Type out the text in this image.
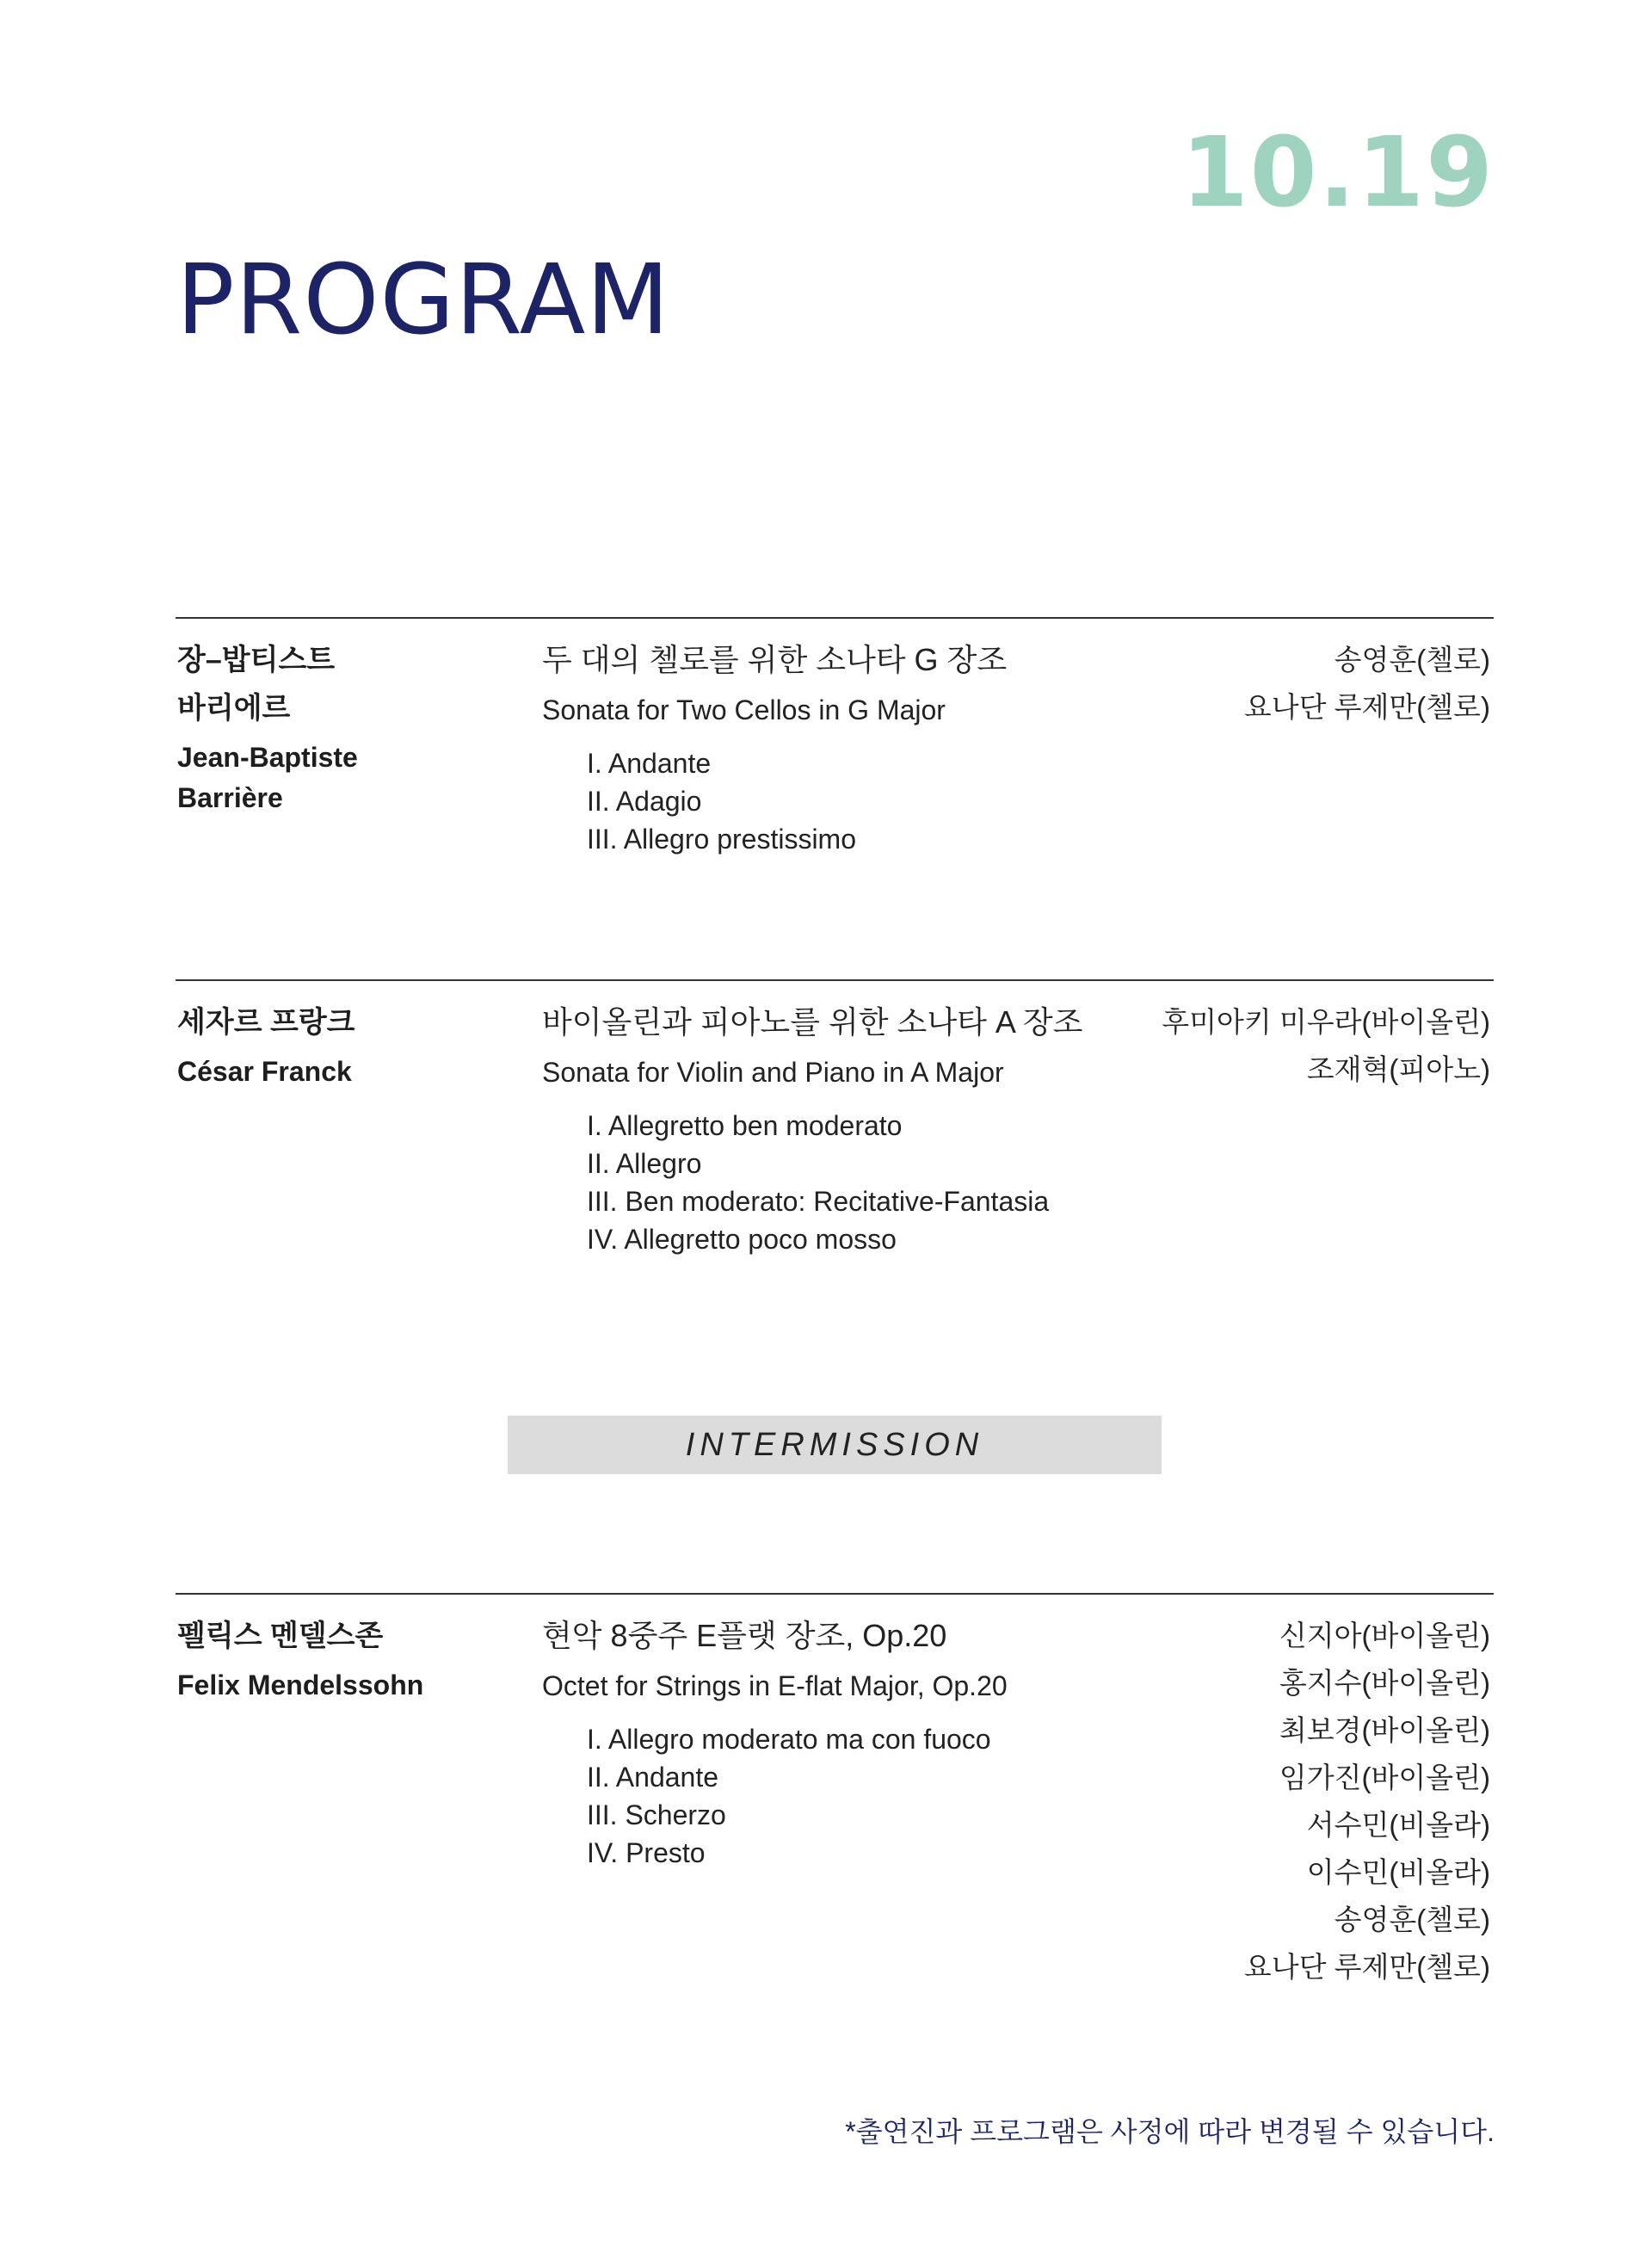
10.19
PROGRAM
장–밥티스트
바리에르
Jean-Baptiste
Barrière
두 대의 첼로를 위한 소나타 G 장조
Sonata for Two Cellos in G Major
I. Andante
II. Adagio
III. Allegro prestissimo
송영훈(첼로)
요나단 루제만(첼로)
세자르 프랑크
César Franck
바이올린과 피아노를 위한 소나타 A 장조
Sonata for Violin and Piano in A Major
I. Allegretto ben moderato
II. Allegro
III. Ben moderato: Recitative-Fantasia
IV. Allegretto poco mosso
후미아키 미우라(바이올린)
조재혁(피아노)
INTERMISSION
펠릭스 멘델스존
Felix Mendelssohn
현악 8중주 E플랫 장조, Op.20
Octet for Strings in E-flat Major, Op.20
I. Allegro moderato ma con fuoco
II. Andante
III. Scherzo
IV. Presto
신지아(바이올린)
홍지수(바이올린)
최보경(바이올린)
임가진(바이올린)
서수민(비올라)
이수민(비올라)
송영훈(첼로)
요나단 루제만(첼로)
*출연진과 프로그램은 사정에 따라 변경될 수 있습니다.
